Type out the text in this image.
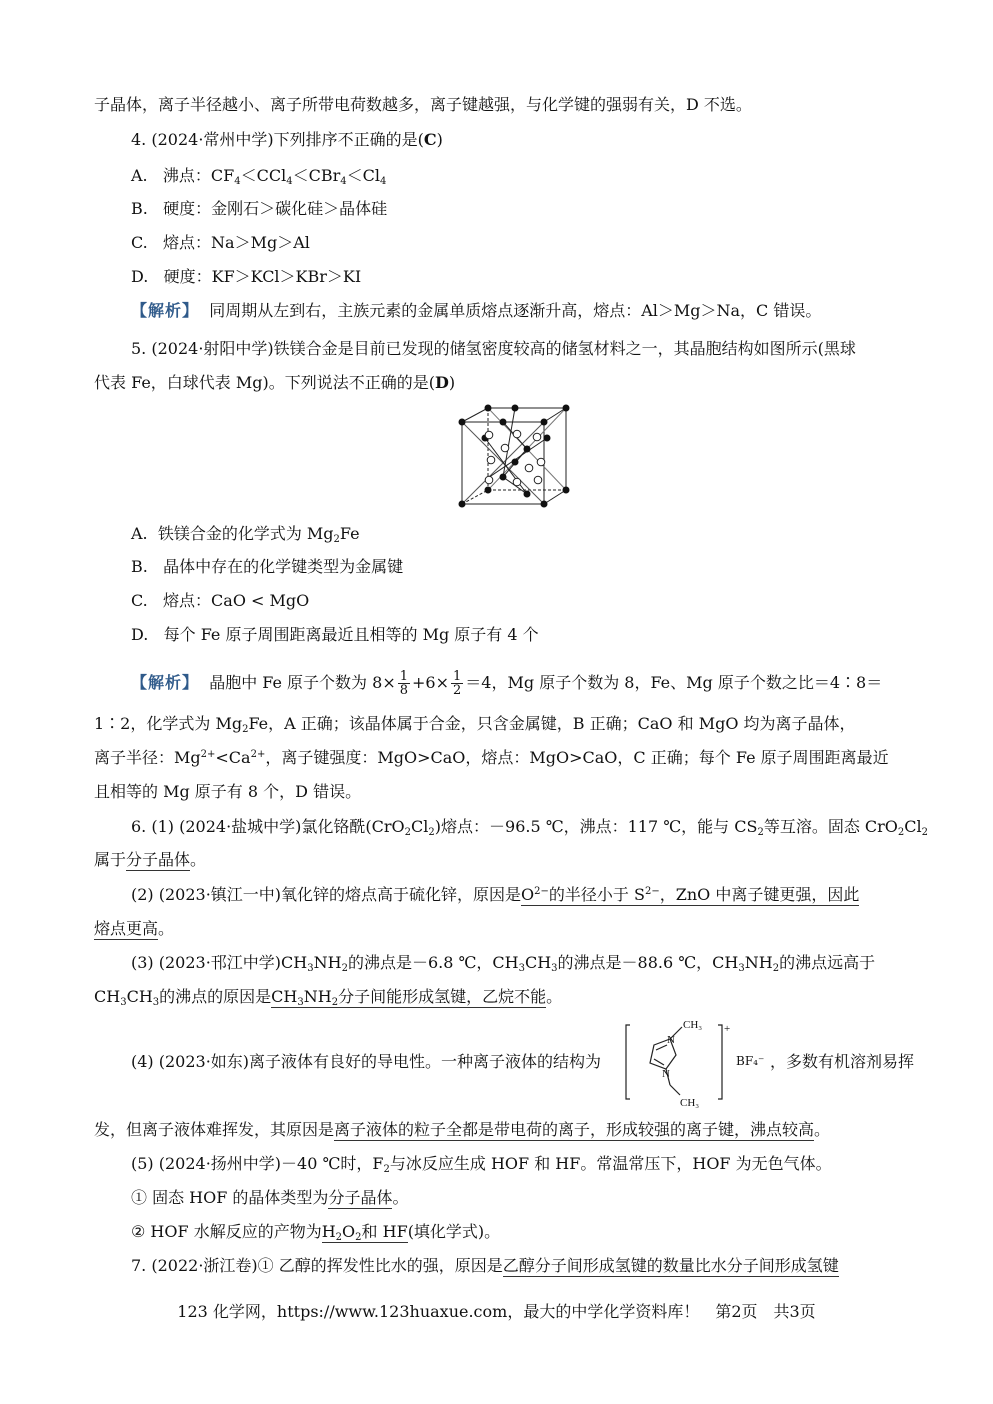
子晶体，离子半径越小、离子所带电荷数越多，离子键越强，与化学键的强弱有关，D 不选。
4. (2024·常州中学)下列排序不正确的是(C)
A. 沸点：$CF_4<CCl_4<CBr_4<Cl_4$
B. 硬度：金刚石＞碳化硅＞晶体硅
C. 熔点：Na＞Mg＞Al
D. 硬度：KF＞KCl＞KBr＞KI
【解析】 同周期从左到右，主族元素的金属单质熔点逐渐升高，熔点：Al＞Mg＞Na，C 错误。
5. (2024·射阳中学)铁镁合金是目前已发现的储氢密度较高的储氢材料之一，其晶胞结构如图所示(黑球
代表 Fe，白球代表 Mg)。下列说法不正确的是(D)
A. 铁镁合金的化学式为 $Mg_2Fe$
B. 晶体中存在的化学键类型为金属键
C. 熔点：CaO < MgO
D. 每个 Fe 原子周围距离最近且相等的 Mg 原子有 4 个
【解析】 晶胞中 Fe 原子个数为 $8\times \frac{1}{8} +6\times \frac{1}{2} =4$，Mg 原子个数为 8，Fe、Mg 原子个数之比＝4∶8＝
1∶2，化学式为 $Mg_2Fe$，A 正确；该晶体属于合金，只含金属键，B 正确；CaO 和 MgO 均为离子晶体，
离子半径：$Mg^{2+}<Ca^{2+}$，离子键强度：MgO>CaO，熔点：MgO>CaO，C 正确；每个 Fe 原子周围距离最近
且相等的 Mg 原子有 8 个，D 错误。
6. (1) (2024·盐城中学)氯化铬酰$(CrO_2Cl_2)$熔点：－96.5 ℃，沸点：117 ℃，能与 $CS_2$等互溶。固态 $CrO_2Cl_2$
属于分子晶体。
(2) (2023·镇江一中)氧化锌的熔点高于硫化锌，原因是$O^{2-}$的半径小于 $S^{2-}$，ZnO 中离子键更强，因此
熔点更高。
(3) (2023·邗江中学)$CH_3NH_2$的沸点是－6.8 ℃，$CH_3CH_3$的沸点是－88.6 ℃，$CH_3NH_2$的沸点远高于
$CH_3CH_3$的沸点的原因是$CH_3NH_2$分子间能形成氢键，乙烷不能。
(4) (2023·如东)离子液体有良好的导电性。一种离子液体的结构为
CH₃
N
N
CH₃
+
BF₄⁻ ，多数有机溶剂易挥
发，但离子液体难挥发，其原因是离子液体的粒子全都是带电荷的离子，形成较强的离子键，沸点较高。
(5) (2024·扬州中学)－40 ℃时，$F_2$与冰反应生成 HOF 和 HF。常温常压下，HOF 为无色气体。
① 固态 HOF 的晶体类型为分子晶体。
② HOF 水解反应的产物为$H_2O_2$和 HF(填化学式)。
7. (2022·浙江卷)① 乙醇的挥发性比水的强，原因是乙醇分子间形成氢键的数量比水分子间形成氢键
123 化学网，https://www.123huaxue.com，最大的中学化学资料库！　第2页　共3页
